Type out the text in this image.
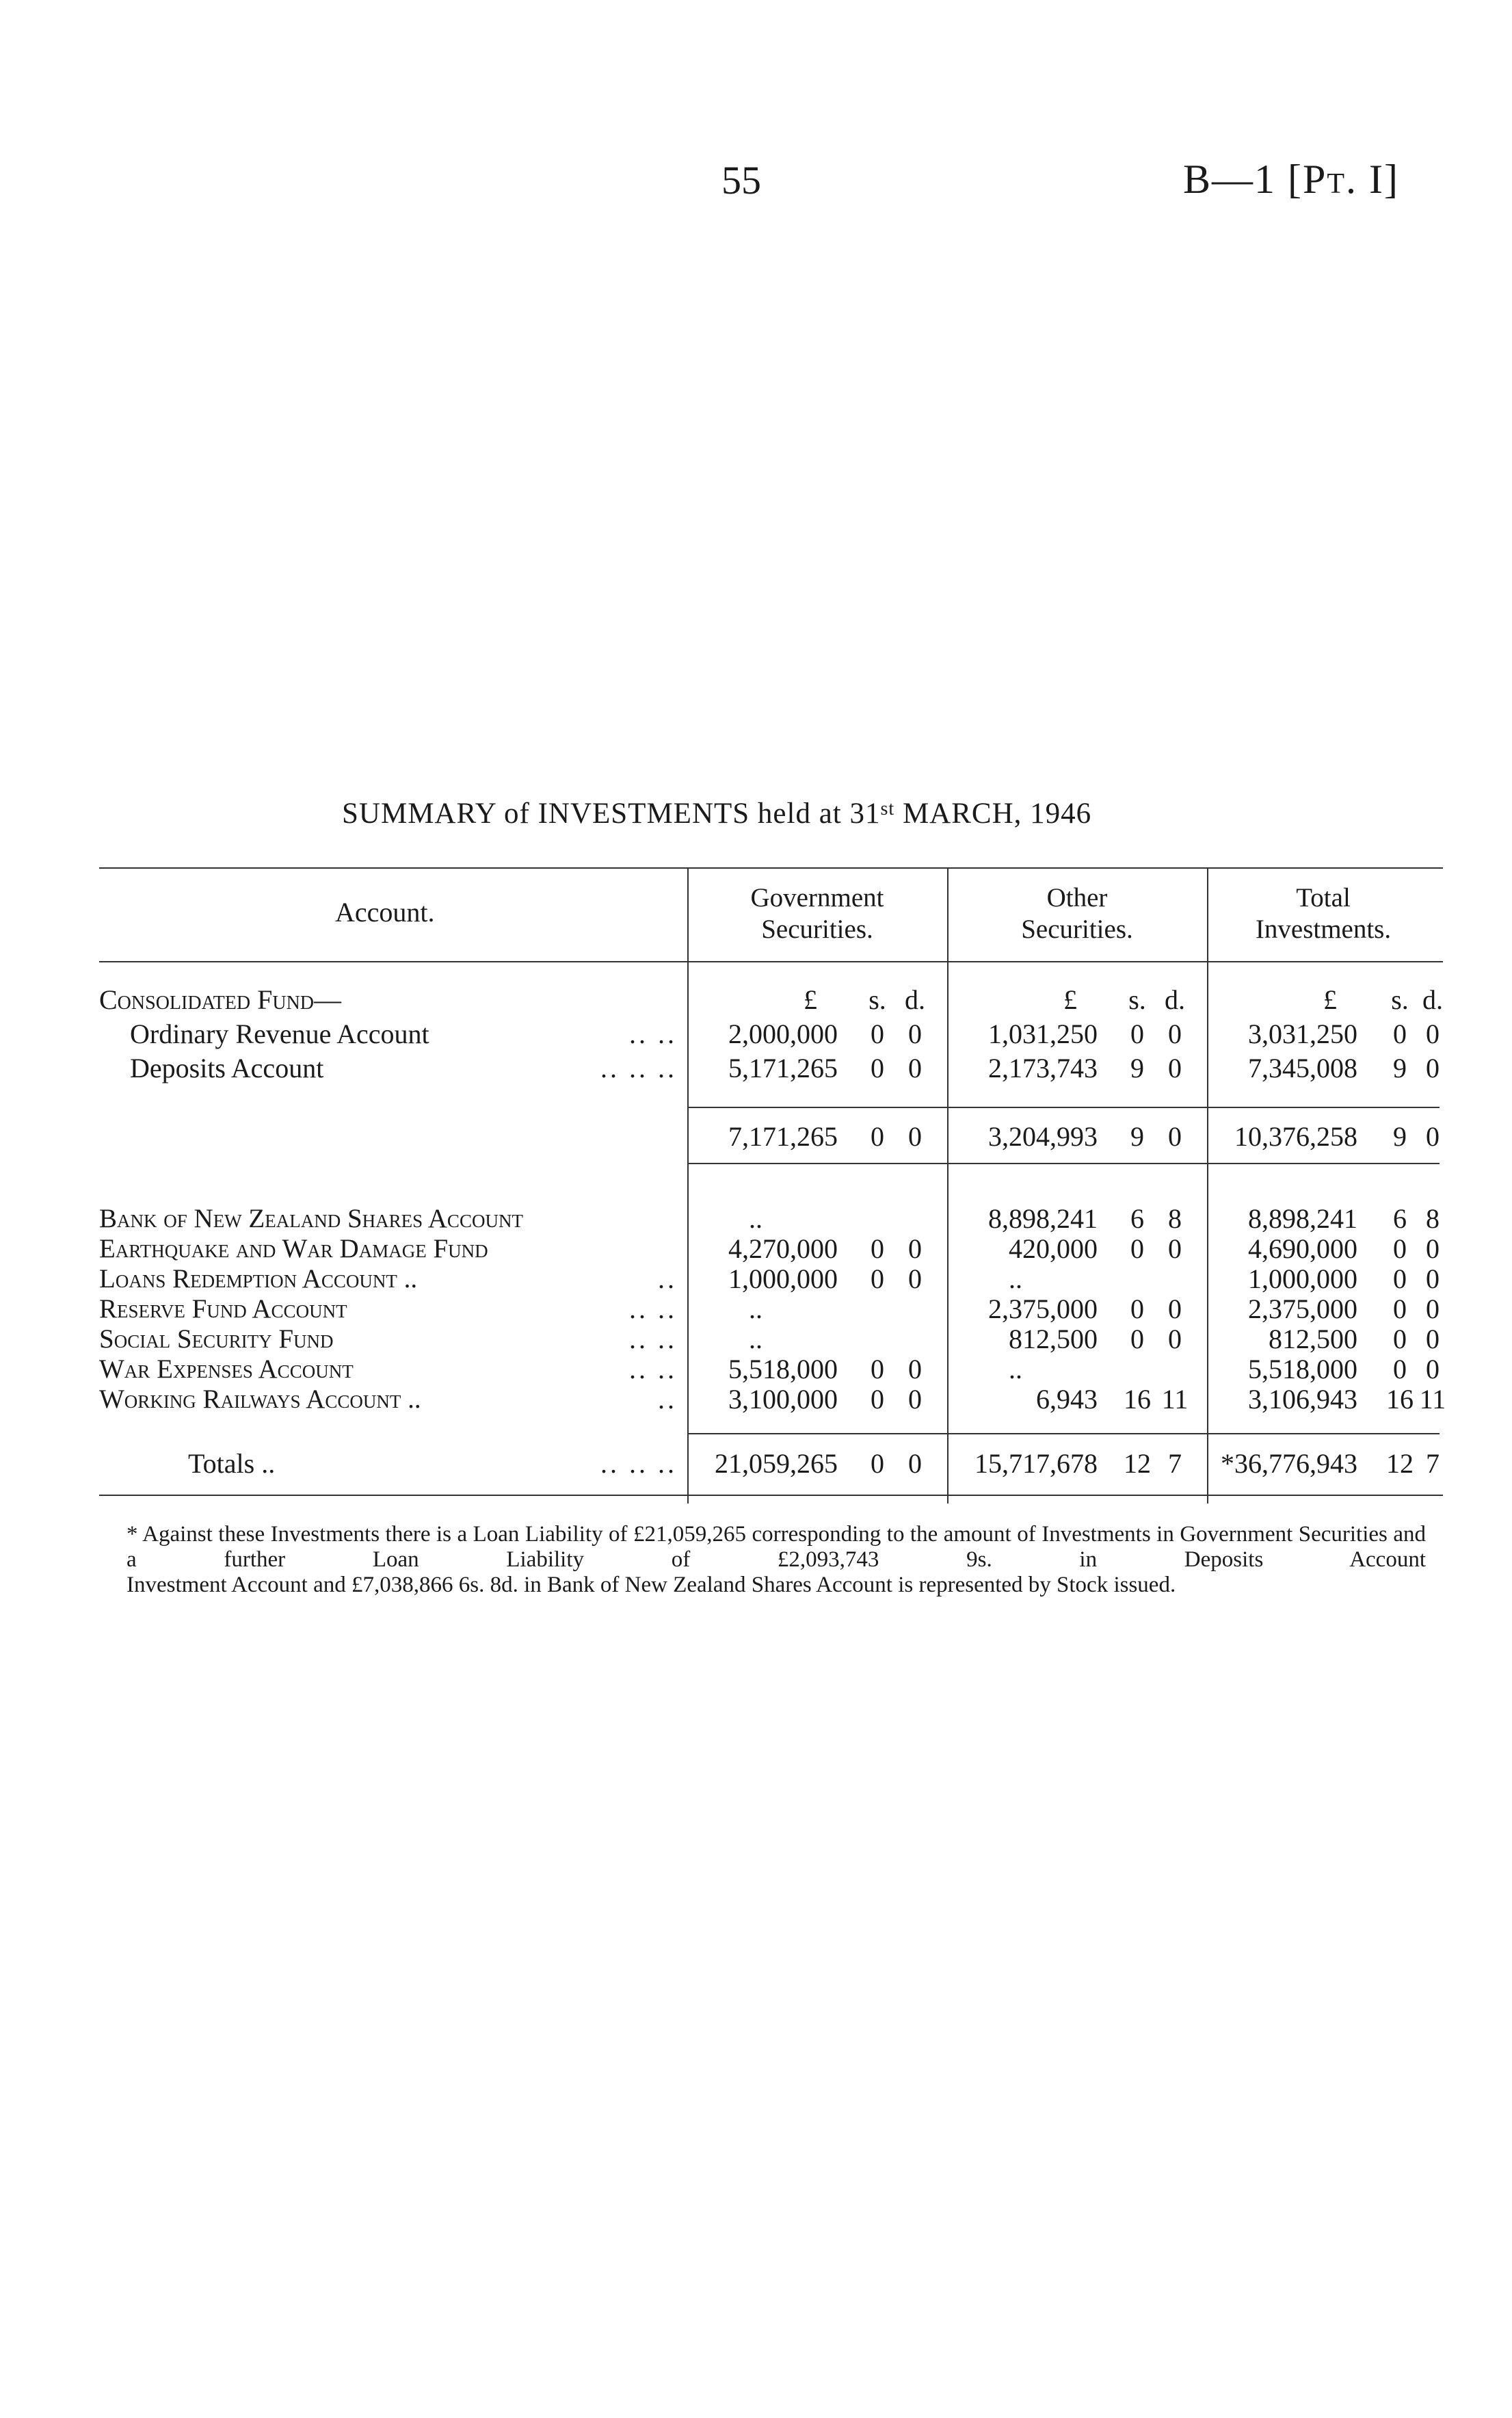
55	B—1 [Pt. I]
SUMMARY of INVESTMENTS held at 31st MARCH, 1946
Account.	Government
Securities.
Other
Securities.
Total
Investments.
£	s. d.	£	s. d.	£	s. d.
Consolidated Fund—
Ordinary Revenue Account	.. ..	2,000,000	0 0	1,031,250	0 0	3,031,250	0 0
Deposits Account	.. .. ..	5,171,265	0 0	2,173,743	9 0	7,345,008	9 0
7,171,265	0 0	3,204,993	9 0	10,376,258	9 0
Bank of New Zealand Shares Account	..	8,898,241	6 8	8,898,241	6 8
Earthquake and War Damage Fund	4,270,000	0 0	420,000	0 0	4,690,000	0 0
Loans Redemption Account ..	..	1,000,000	0 0	..	1,000,000	0 0
Reserve Fund Account	.. ..	..	2,375,000	0 0	2,375,000	0 0
Social Security Fund	.. ..	..	812,500	0 0	812,500	0 0
War Expenses Account	.. ..	5,518,000	0 0	..	5,518,000	0 0
Working Railways Account ..	..	3,100,000	0 0	6,943 16 11	3,106,943 16 11
Totals ..	.. .. ..	21,059,265	0 0	15,717,678 12 7	*36,776,943 12 7
* Against these Investments there is a Loan Liability of £21,059,265 corresponding to the amount of Investments in Government Securities and a further Loan Liability of £2,093,743 9s. in Deposits Account
Investment Account and £7,038,866 6s. 8d. in Bank of New Zealand Shares Account is represented by Stock issued.
